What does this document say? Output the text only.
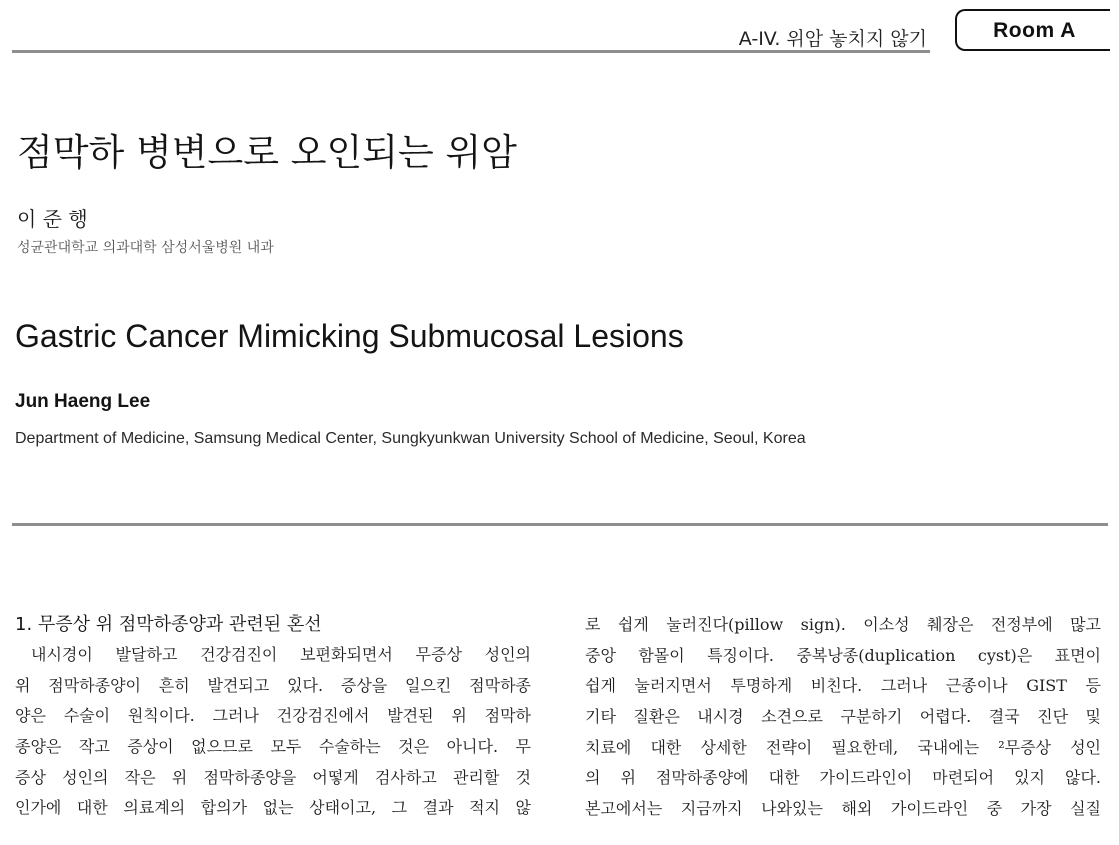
A-IV. 위암 놓치지 않기	Room A
점막하 병변으로 오인되는 위암
이 준 행
성균관대학교 의과대학 삼성서울병원 내과
Gastric Cancer Mimicking Submucosal Lesions
Jun Haeng Lee
Department of Medicine, Samsung Medical Center, Sungkyunkwan University School of Medicine, Seoul, Korea
1. 무증상 위 점막하종양과 관련된 혼선
내시경이 발달하고 건강검진이 보편화되면서 무증상 성인의
위 점막하종양이 흔히 발견되고 있다. 증상을 일으킨 점막하종
양은 수술이 원칙이다. 그러나 건강검진에서 발견된 위 점막하
종양은 작고 증상이 없으므로 모두 수술하는 것은 아니다. 무
증상 성인의 작은 위 점막하종양을 어떻게 검사하고 관리할 것
인가에 대한 의료계의 합의가 없는 상태이고, 그 결과 적지 않
로 쉽게 눌러진다(pillow sign). 이소성 췌장은 전정부에 많고
중앙 함몰이 특징이다. 중복낭종(duplication cyst)은 표면이
쉽게 눌러지면서 투명하게 비친다. 그러나 근종이나 GIST 등
기타 질환은 내시경 소견으로 구분하기 어렵다. 결국 진단 및
치료에 대한 상세한 전략이 필요한데, 국내에는 ²무증상 성인
의 위 점막하종양에 대한 가이드라인이 마련되어 있지 않다.
본고에서는 지금까지 나와있는 해외 가이드라인 중 가장 실질
